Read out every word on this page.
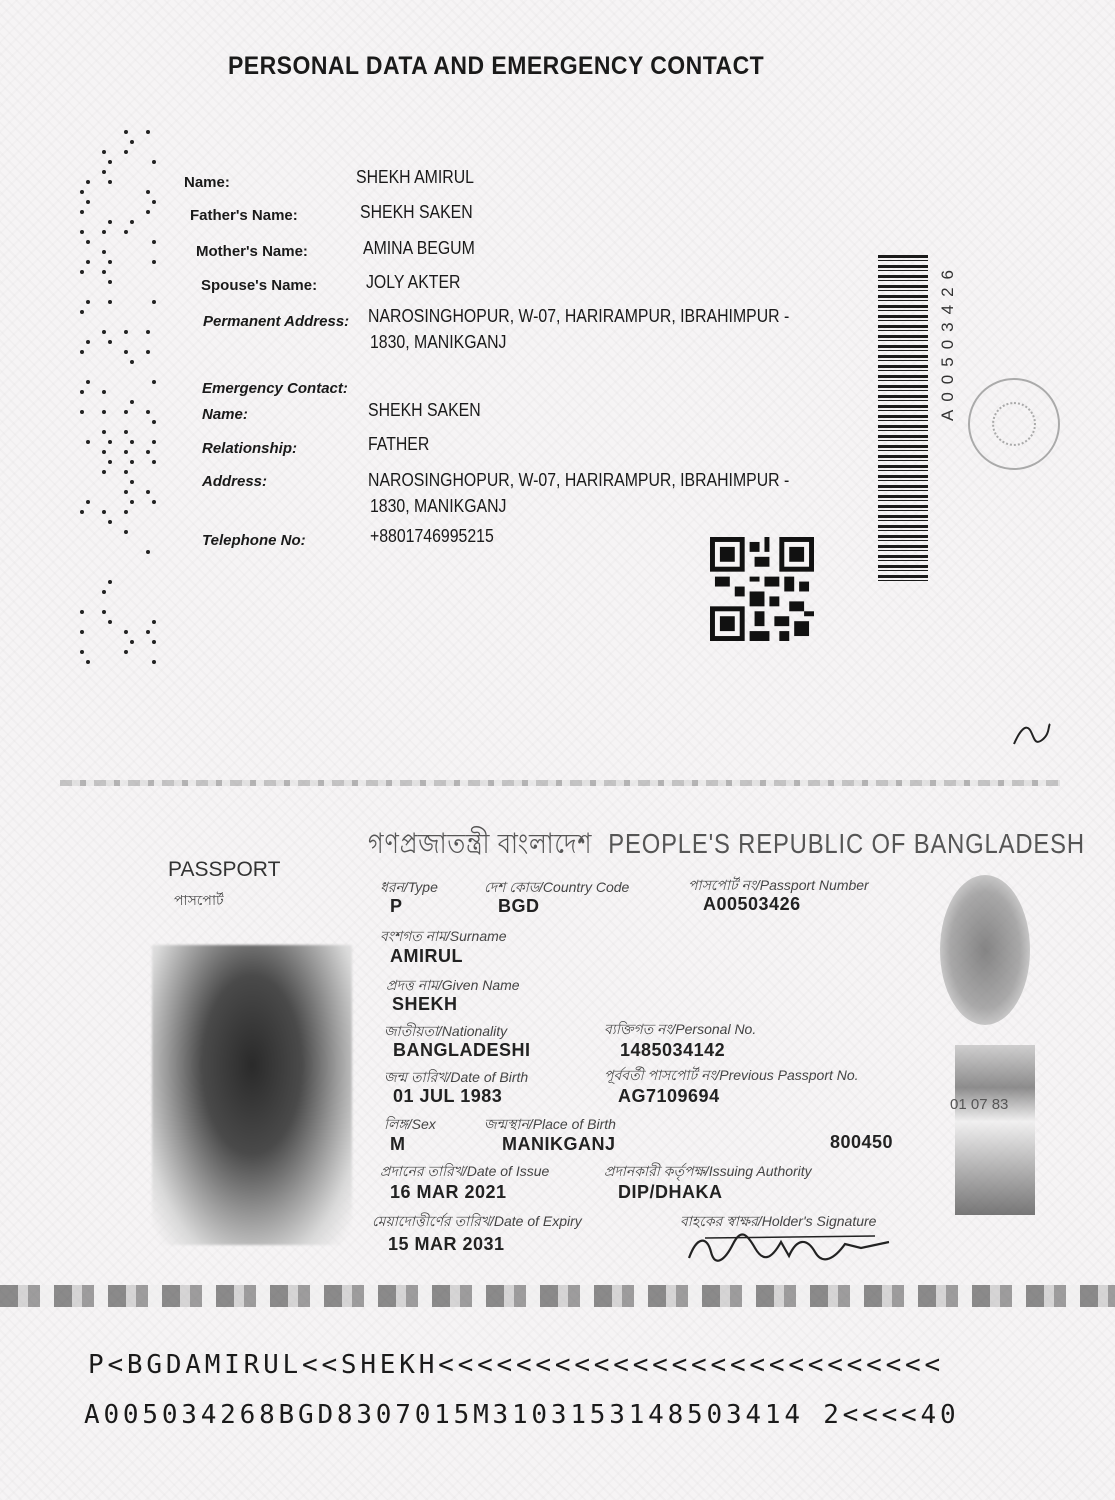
PERSONAL DATA AND EMERGENCY CONTACT
Name:	SHEKH AMIRUL
Father's Name:	SHEKH SAKEN
Mother's Name:	AMINA BEGUM
Spouse's Name:	JOLY AKTER
Permanent Address: NAROSINGHOPUR, W-07, HARIRAMPUR, IBRAHIMPUR -
1830, MANIKGANJ
Emergency Contact:
Name:	SHEKH SAKEN
Relationship:	FATHER
Address:	NAROSINGHOPUR, W-07, HARIRAMPUR, IBRAHIMPUR -
1830, MANIKGANJ
Telephone No:	+8801746995215
A00503426
গণপ্রজাতন্ত্রী বাংলাদেশ PEOPLE'S REPUBLIC OF BANGLADESH
PASSPORT
পাসপোর্ট
01 07 83
ধরন/Type	দেশ কোড/Country Code	পাসপোর্ট নং/Passport Number
P	BGD	A00503426
বংশগত নাম/Surname
AMIRUL
প্রদত্ত নাম/Given Name
SHEKH
জাতীয়তা/Nationality	ব্যক্তিগত নং/Personal No.
BANGLADESHI	1485034142
জন্ম তারিখ/Date of Birth	পূর্ববর্তী পাসপোর্ট নং/Previous Passport No.
01 JUL 1983	AG7109694
লিঙ্গ/Sex	জন্মস্থান/Place of Birth
M	MANIKGANJ	800450
প্রদানের তারিখ/Date of Issue	প্রদানকারী কর্তৃপক্ষ/Issuing Authority
16 MAR 2021	DIP/DHAKA
মেয়াদোত্তীর্ণের তারিখ/Date of Expiry	বাহকের স্বাক্ষর/Holder's Signature
15 MAR 2031
P<BGDAMIRUL<<SHEKH<<<<<<<<<<<<<<<<<<<<<<<<<<
A005034268BGD8307015M3103153148503414 2<<<<40
